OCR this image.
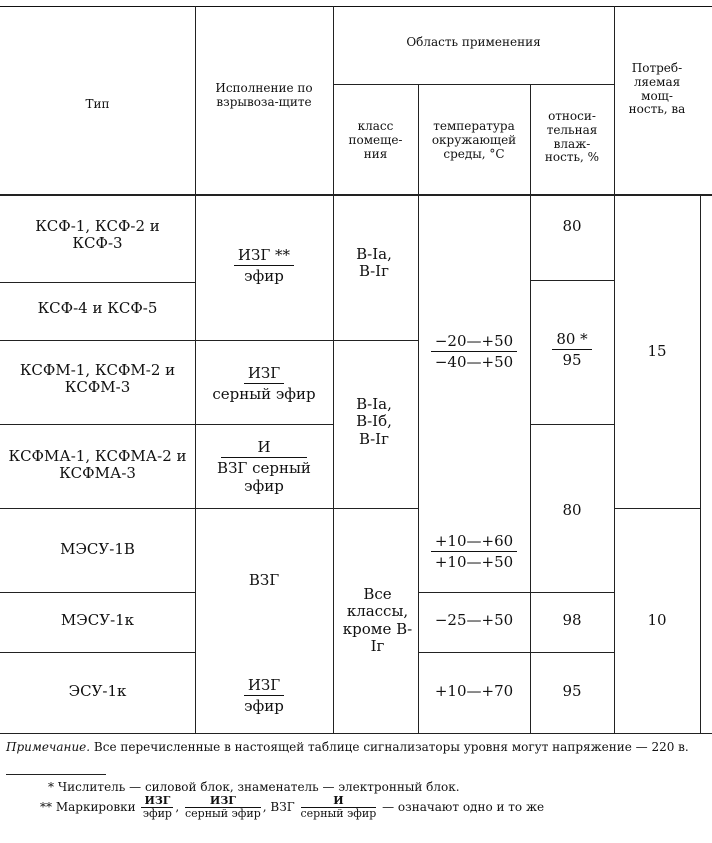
Тип
Исполнение по взрывоза-щите
Область применения
класс помеще-ния
температура окружающей среды, °С
относи-тельная влаж-ность, %
Потреб-ляемая мощ-ность, ва
КСФ-1, КСФ-2 и КСФ-3
КСФ-4 и КСФ-5
КСФМ-1, КСФМ-2 и КСФМ-3
КСФМА-1, КСФМА-2 и КСФМА-3
МЭСУ-1В
МЭСУ-1к
ЭСУ-1к
ИЗГ **
эфир
ИЗГ
серный эфир
И
ВЗГ серный эфир
ВЗГ
ИЗГ
эфир
В-Iа, В-Iг
В-Iа, В-Iб, В-Iг
Все классы, кроме В-Iг
$\frac{-20—+50}{-40—+50}$
$\frac{+10—+60}{+10—+50}$
−25—+50
+10—+70
80
$\frac{80 *}{95}$
80
98
95
15
10
Примечание. Все перечисленные в настоящей таблице сигнализаторы уровня могут напряжение — 220 в.
* Числитель — силовой блок, знаменатель — электронный блок.
** Маркировки ИЗГ
эфир ,	ИЗГ
серный эфир , ВЗГ	И
серный эфир — означают одно и то же
